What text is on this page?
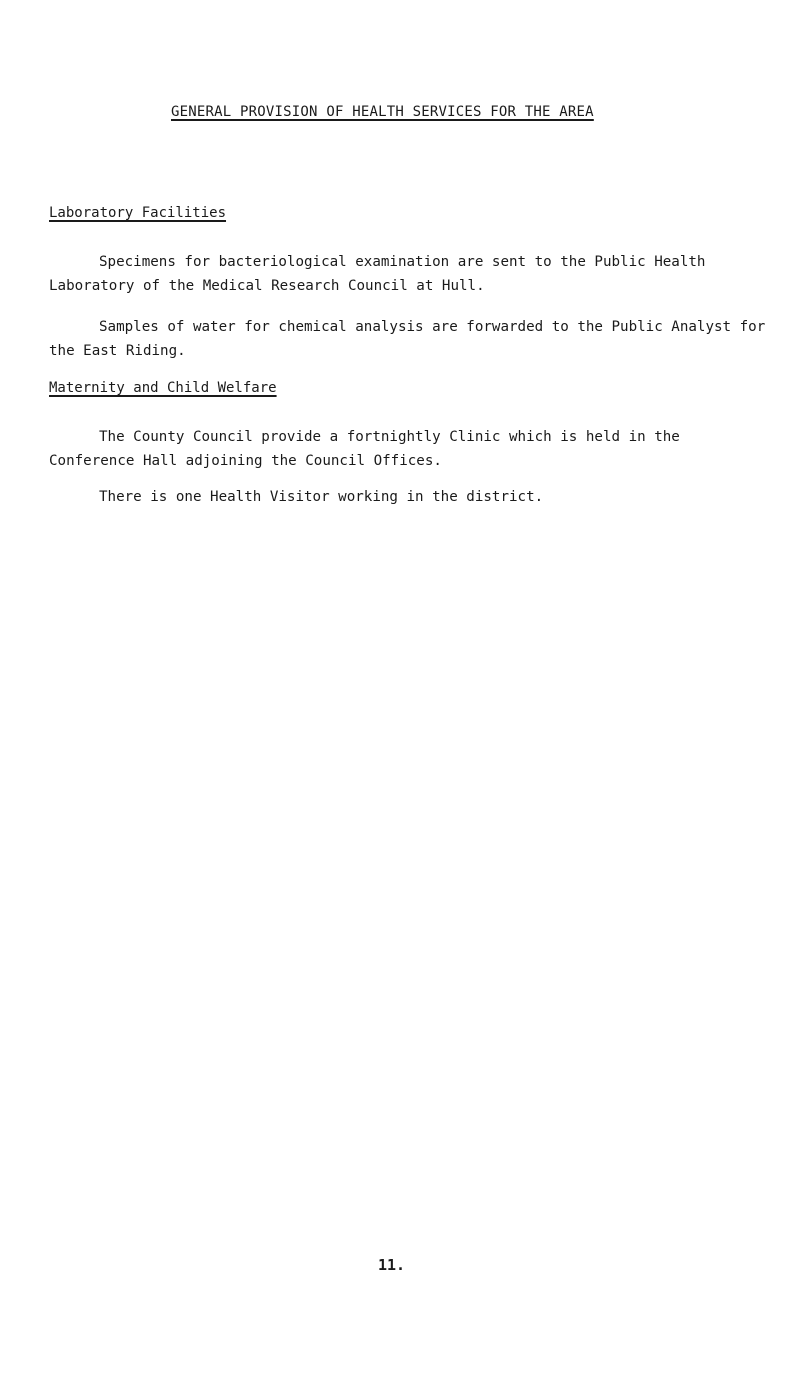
GENERAL PROVISION OF HEALTH SERVICES FOR THE AREA
Laboratory Facilities

Specimens for bacteriological examination are sent to the Public Health Laboratory of the Medical Research Council at Hull.

Samples of water for chemical analysis are forwarded to the Public Analyst for the East Riding.

Maternity and Child Welfare

The County Council provide a fortnightly Clinic which is held in the Conference Hall adjoining the Council Offices.

There is one Health Visitor working in the district.

11.
